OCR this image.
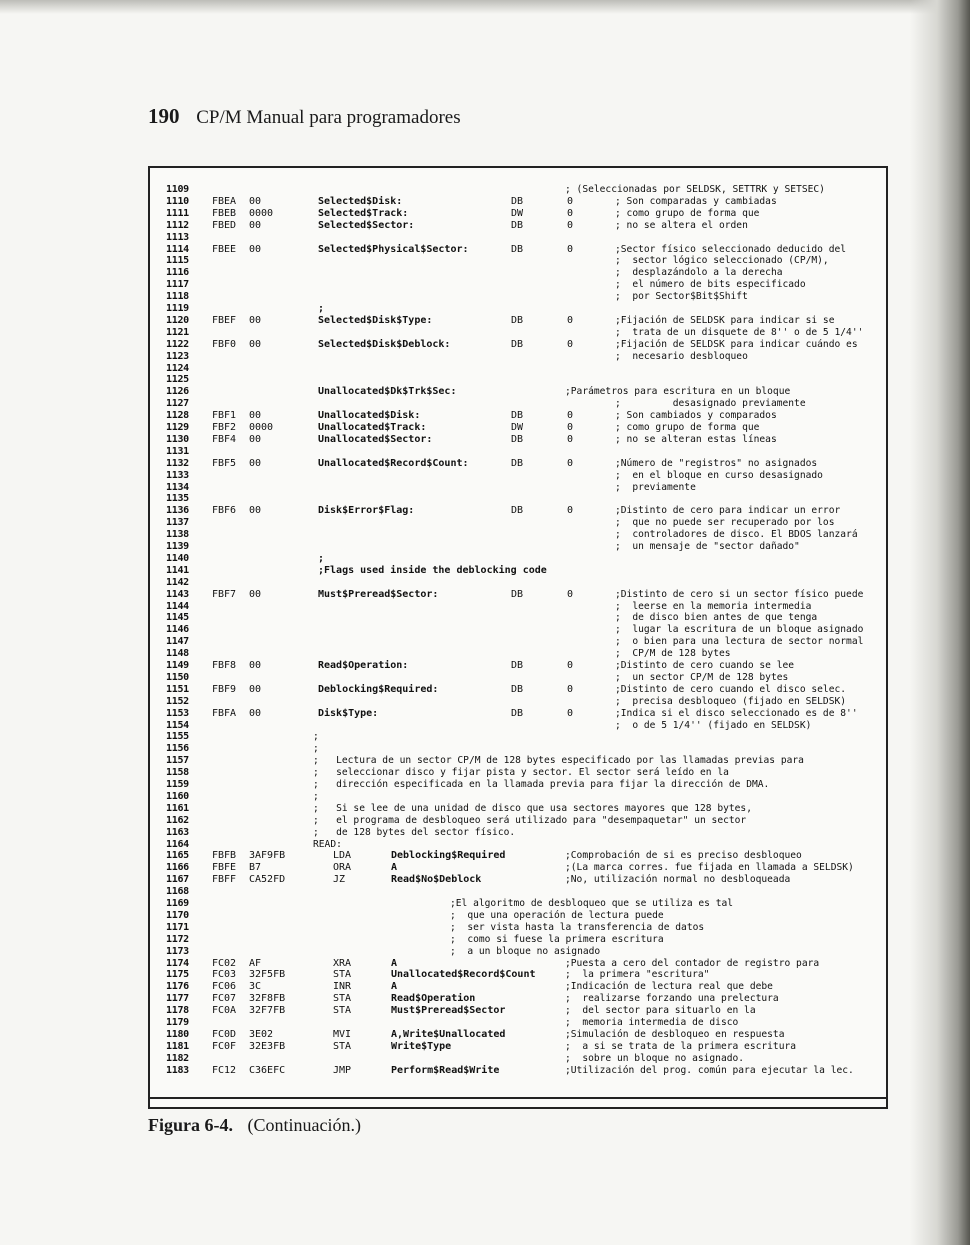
190 CP/M Manual para programadores
1109	; (Seleccionadas por SELDSK, SETTRK y SETSEC)
1110 FBEA 00	Selected$Disk:	DB	0	; Son comparadas y cambiadas
1111 FBEB 0000	Selected$Track:	DW	0	; como grupo de forma que
1112 FBED 00	Selected$Sector:	DB	0	; no se altera el orden
1113
1114 FBEE 00	Selected$Physical$Sector:	DB	0	;Sector físico seleccionado deducido del
1115	;  sector lógico seleccionado (CP/M),
1116	;  desplazándolo a la derecha
1117	;  el número de bits especificado
1118	;  por Sector$Bit$Shift
1119	;
1120 FBEF 00	Selected$Disk$Type:	DB	0	;Fijación de SELDSK para indicar si se
1121	;  trata de un disquete de 8'' o de 5 1/4''
1122 FBF0 00	Selected$Disk$Deblock:	DB	0	;Fijación de SELDSK para indicar cuándo es
1123	;  necesario desbloqueo
1124
1125
1126	Unallocated$Dk$Trk$Sec:	;Parámetros para escritura en un bloque
1127	;         desasignado previamente
1128 FBF1 00	Unallocated$Disk:	DB	0	; Son cambiados y comparados
1129 FBF2 0000	Unallocated$Track:	DW	0	; como grupo de forma que
1130 FBF4 00	Unallocated$Sector:	DB	0	; no se alteran estas líneas
1131
1132 FBF5 00	Unallocated$Record$Count:	DB	0	;Número de "registros" no asignados
1133	;  en el bloque en curso desasignado
1134	;  previamente
1135
1136 FBF6 00	Disk$Error$Flag:	DB	0	;Distinto de cero para indicar un error
1137	;  que no puede ser recuperado por los
1138	;  controladores de disco. El BDOS lanzará
1139	;  un mensaje de "sector dañado"
1140	;
1141	;Flags used inside the deblocking code
1142
1143 FBF7 00	Must$Preread$Sector:	DB	0	;Distinto de cero si un sector físico puede
1144	;  leerse en la memoria intermedia
1145	;  de disco bien antes de que tenga
1146	;  lugar la escritura de un bloque asignado
1147	;  o bien para una lectura de sector normal
1148	;  CP/M de 128 bytes
1149 FBF8 00	Read$Operation:	DB	0	;Distinto de cero cuando se lee
1150	;  un sector CP/M de 128 bytes
1151 FBF9 00	Deblocking$Required:	DB	0	;Distinto de cero cuando el disco selec.
1152	;  precisa desbloqueo (fijado en SELDSK)
1153 FBFA 00	Disk$Type:	DB	0	;Indica si el disco seleccionado es de 8''
1154	;  o de 5 1/4'' (fijado en SELDSK)
1155	;
1156	;
1157	;   Lectura de un sector CP/M de 128 bytes especificado por las llamadas previas para
1158	;   seleccionar disco y fijar pista y sector. El sector será leído en la
1159	;   dirección especificada en la llamada previa para fijar la dirección de DMA.
1160	;
1161	;   Si se lee de una unidad de disco que usa sectores mayores que 128 bytes,
1162	;   el programa de desbloqueo será utilizado para "desempaquetar" un sector
1163	;   de 128 bytes del sector físico.
1164	READ:
1165 FBFB 3AF9FB	LDA	Deblocking$Required	;Comprobación de si es preciso desbloqueo
1166 FBFE B7	ORA	A	;(La marca corres. fue fijada en llamada a SELDSK)
1167 FBFF CA52FD	JZ	Read$No$Deblock	;No, utilización normal no desbloqueada
1168
1169	;El algoritmo de desbloqueo que se utiliza es tal
1170	;  que una operación de lectura puede
1171	;  ser vista hasta la transferencia de datos
1172	;  como si fuese la primera escritura
1173	;  a un bloque no asignado
1174 FC02 AF	XRA	A	;Puesta a cero del contador de registro para
1175 FC03 32F5FB	STA	Unallocated$Record$Count	;  la primera "escritura"
1176 FC06 3C	INR	A	;Indicación de lectura real que debe
1177 FC07 32F8FB	STA	Read$Operation	;  realizarse forzando una prelectura
1178 FC0A 32F7FB	STA	Must$Preread$Sector	;  del sector para situarlo en la
1179	;  memoria intermedia de disco
1180 FC0D 3E02	MVI	A,Write$Unallocated	;Simulación de desbloqueo en respuesta
1181 FC0F 32E3FB	STA	Write$Type	;  a si se trata de la primera escritura
1182	;  sobre un bloque no asignado.
1183 FC12 C36EFC	JMP	Perform$Read$Write	;Utilización del prog. común para ejecutar la lec.
Figura 6-4. (Continuación.)
